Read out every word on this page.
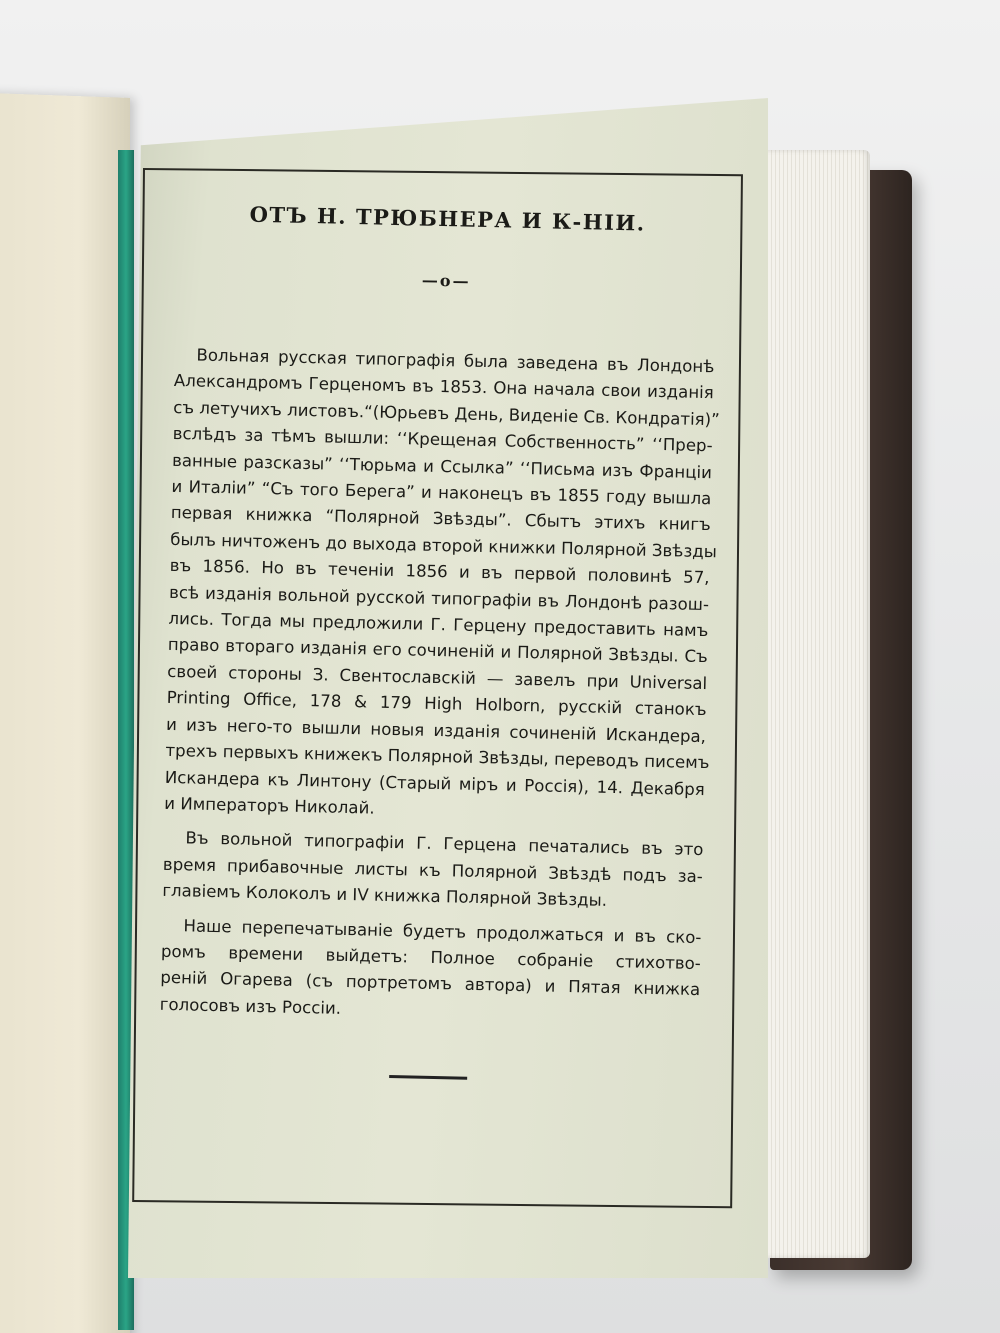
ОТЪ Н. ТРЮБНЕРА И К-НІИ.
—o—
Вольная русская типографія была заведена въ Лондонѣ
Александромъ Герценомъ въ 1853. Она начала свои изданія
съ летучихъ листовъ.“(Юрьевъ День, Виденіе Св. Кондратія)”
вслѣдъ за тѣмъ вышли: ‘‘Крещеная Собственность” ‘‘Прер-
ванные разсказы” ‘‘Тюрьма и Ссылка” ‘‘Письма изъ Франціи
и Италіи” “Съ того Берега” и наконецъ въ 1855 году вышла
первая книжка “Полярной Звѣзды”. Сбытъ этихъ книгъ
былъ ничтоженъ до выхода второй книжки Полярной Звѣзды
въ 1856. Но въ теченіи 1856 и въ первой половинѣ 57,
всѣ изданія вольной русской типографіи въ Лондонѣ разош-
лись. Тогда мы предложили Г. Герцену предоставить намъ
право втораго изданія его сочиненій и Полярной Звѣзды. Съ
своей стороны З. Свентославскій — завелъ при Universal
Printing Office, 178 & 179 High Holborn, русскій станокъ
и изъ него-то вышли новыя изданія сочиненій Искандера,
трехъ первыхъ книжекъ Полярной Звѣзды, переводъ писемъ
Искандера къ Линтону (Старый міръ и Россія), 14. Декабря
и Императоръ Николай.
Въ вольной типографіи Г. Герцена печатались въ это
время прибавочные листы къ Полярной Звѣздѣ подъ за-
главіемъ Колоколъ и IV книжка Полярной Звѣзды.
Наше перепечатываніе будетъ продолжаться и въ ско-
ромъ времени выйдетъ: Полное собраніе стихотво-
реній Огарева (съ портретомъ автора) и Пятая книжка
голосовъ изъ Россіи.
